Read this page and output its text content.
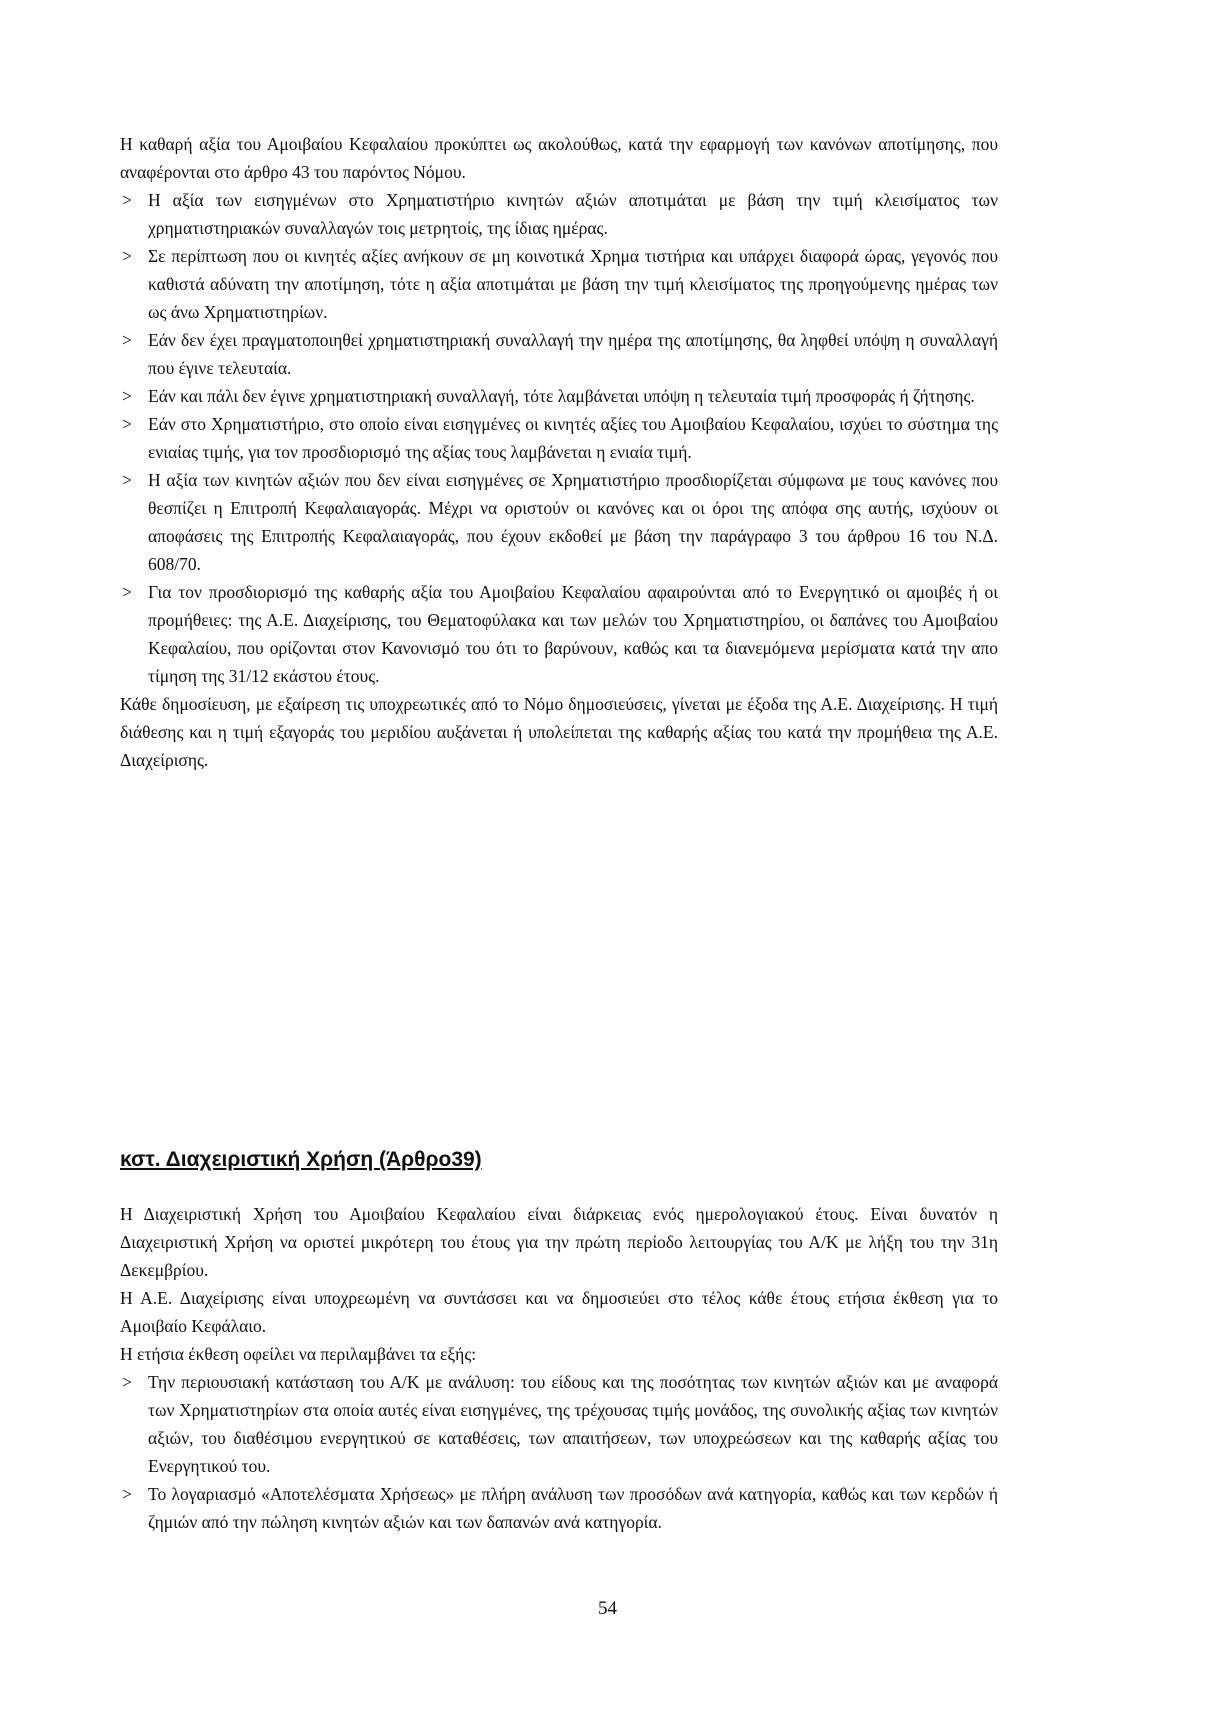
Η καθαρή αξία του Αμοιβαίου Κεφαλαίου προκύπτει ως ακολούθως, κατά την εφαρμογή των κανόνων αποτίμησης, που αναφέρονται στο άρθρο 43 του παρόντος Νόμου.

> Η αξία των εισηγμένων στο Χρηματιστήριο κινητών αξιών αποτιμάται με βάση την τιμή κλεισίματος των χρηματιστηριακών συναλλαγών τοις μετρητοίς, της ίδιας ημέρας.
> Σε περίπτωση που οι κινητές αξίες ανήκουν σε μη κοινοτικά Χρημα τιστήρια και υπάρχει διαφορά ώρας, γεγονός που καθιστά αδύνατη την αποτίμηση, τότε η αξία αποτιμάται με βάση την τιμή κλεισίματος της προηγούμενης ημέρας των ως άνω Χρηματιστηρίων.
> Εάν δεν έχει πραγματοποιηθεί χρηματιστηριακή συναλλαγή την ημέρα της αποτίμησης, θα ληφθεί υπόψη η συναλλαγή που έγινε τελευταία.
> Εάν και πάλι δεν έγινε χρηματιστηριακή συναλλαγή, τότε λαμβάνεται υπόψη η τελευταία τιμή προσφοράς ή ζήτησης.
> Εάν στο Χρηματιστήριο, στο οποίο είναι εισηγμένες οι κινητές αξίες του Αμοιβαίου Κεφαλαίου, ισχύει το σύστημα της ενιαίας τιμής, για τον προσδιορισμό της αξίας τους λαμβάνεται η ενιαία τιμή.
> Η αξία των κινητών αξιών που δεν είναι εισηγμένες σε Χρηματιστήριο προσδιορίζεται σύμφωνα με τους κανόνες που θεσπίζει η Επιτροπή Κεφαλαιαγοράς. Μέχρι να οριστούν οι κανόνες και οι όροι της απόφα σης αυτής, ισχύουν οι αποφάσεις της Επιτροπής Κεφαλαιαγοράς, που έχουν εκδοθεί με βάση την παράγραφο 3 του άρθρου 16 του Ν.Δ. 608/70.
> Για τον προσδιορισμό της καθαρής αξία του Αμοιβαίου Κεφαλαίου αφαιρούνται από το Ενεργητικό οι αμοιβές ή οι προμήθειες: της Α.Ε. Διαχείρισης, του Θεματοφύλακα και των μελών του Χρηματιστηρίου, οι δαπάνες του Αμοιβαίου Κεφαλαίου, που ορίζονται στον Κανονισμό του ότι το βαρύνουν, καθώς και τα διανεμόμενα μερίσματα κατά την απο τίμηση της 31/12 εκάστου έτους.

Κάθε δημοσίευση, με εξαίρεση τις υποχρεωτικές από το Νόμο δημοσιεύσεις, γίνεται με έξοδα της Α.Ε. Διαχείρισης. Η τιμή διάθεσης και η τιμή εξαγοράς του μεριδίου αυξάνεται ή υπολείπεται της καθαρής αξίας του κατά την προμήθεια της Α.Ε. Διαχείρισης.

κστ. Διαχειριστική Χρήση (Άρθρο39)

Η Διαχειριστική Χρήση του Αμοιβαίου Κεφαλαίου είναι διάρκειας ενός ημερολογιακού έτους. Είναι δυνατόν η Διαχειριστική Χρήση να οριστεί μικρότερη του έτους για την πρώτη περίοδο λειτουργίας του Α/Κ με λήξη του την 31η Δεκεμβρίου.

Η Α.Ε. Διαχείρισης είναι υποχρεωμένη να συντάσσει και να δημοσιεύει στο τέλος κάθε έτους ετήσια έκθεση για το Αμοιβαίο Κεφάλαιο.

Η ετήσια έκθεση οφείλει να περιλαμβάνει τα εξής:

> Την περιουσιακή κατάσταση του Α/Κ με ανάλυση: του είδους και της ποσότητας των κινητών αξιών και με αναφορά των Χρηματιστηρίων στα οποία αυτές είναι εισηγμένες, της τρέχουσας τιμής μονάδος, της συνολικής αξίας των κινητών αξιών, του διαθέσιμου ενεργητικού σε καταθέσεις, των απαιτήσεων, των υποχρεώσεων και της καθαρής αξίας του Ενεργητικού του.
> Το λογαριασμό «Αποτελέσματα Χρήσεως» με πλήρη ανάλυση των προσόδων ανά κατηγορία, καθώς και των κερδών ή ζημιών από την πώληση κινητών αξιών και των δαπανών ανά κατηγορία.
54
